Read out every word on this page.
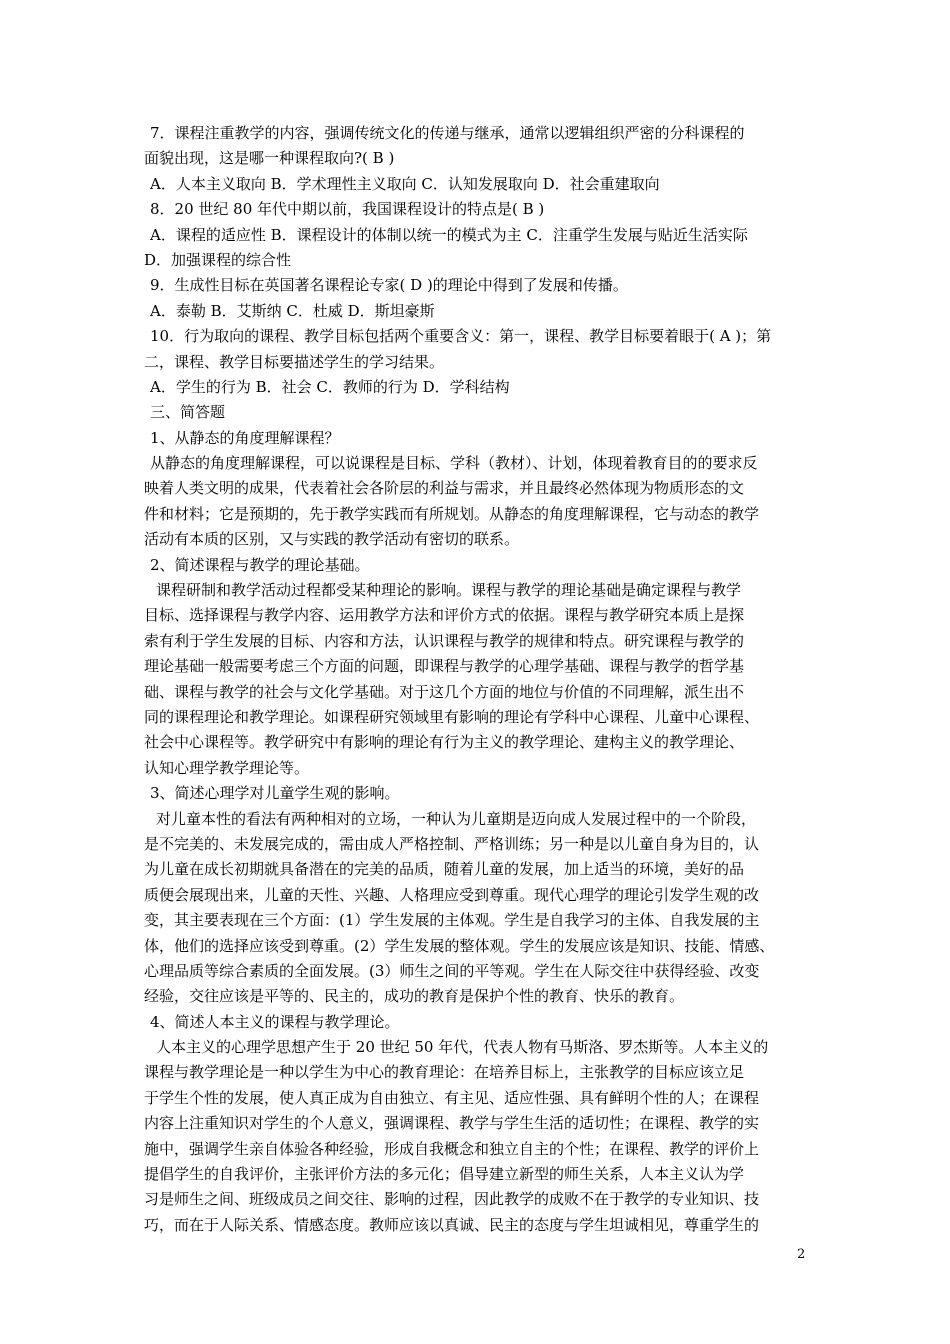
7．课程注重教学的内容，强调传统文化的传递与继承，通常以逻辑组织严密的分科课程的
面貌出现，这是哪一种课程取向?( B )
A．人本主义取向 B．学术理性主义取向 C．认知发展取向 D．社会重建取向
8．20 世纪 80 年代中期以前，我国课程设计的特点是( B )
A．课程的适应性 B．课程设计的体制以统一的模式为主 C．注重学生发展与贴近生活实际
D．加强课程的综合性
9．生成性目标在英国著名课程论专家( D )的理论中得到了发展和传播。
A．泰勒 B．艾斯纳 C．杜威 D．斯坦豪斯
10．行为取向的课程、教学目标包括两个重要含义：第一，课程、教学目标要着眼于( A )；第
二，课程、教学目标要描述学生的学习结果。
A．学生的行为 B．社会 C．教师的行为 D．学科结构
三、简答题
1、从静态的角度理解课程？
从静态的角度理解课程，可以说课程是目标、学科（教材）、计划，体现着教育目的的要求反
映着人类文明的成果，代表着社会各阶层的利益与需求，并且最终必然体现为物质形态的文
件和材料；它是预期的，先于教学实践而有所规划。从静态的角度理解课程，它与动态的教学
活动有本质的区别，又与实践的教学活动有密切的联系。
2、简述课程与教学的理论基础。
课程研制和教学活动过程都受某种理论的影响。课程与教学的理论基础是确定课程与教学
目标、选择课程与教学内容、运用教学方法和评价方式的依据。课程与教学研究本质上是探
索有利于学生发展的目标、内容和方法，认识课程与教学的规律和特点。研究课程与教学的
理论基础一般需要考虑三个方面的问题，即课程与教学的心理学基础、课程与教学的哲学基
础、课程与教学的社会与文化学基础。对于这几个方面的地位与价值的不同理解，派生出不
同的课程理论和教学理论。如课程研究领域里有影响的理论有学科中心课程、儿童中心课程、
社会中心课程等。教学研究中有影响的理论有行为主义的教学理论、建构主义的教学理论、
认知心理学教学理论等。
3、简述心理学对儿童学生观的影响。
对儿童本性的看法有两种相对的立场，一种认为儿童期是迈向成人发展过程中的一个阶段，
是不完美的、未发展完成的，需由成人严格控制、严格训练；另一种是以儿童自身为目的，认
为儿童在成长初期就具备潜在的完美的品质，随着儿童的发展，加上适当的环境，美好的品
质便会展现出来，儿童的天性、兴趣、人格理应受到尊重。现代心理学的理论引发学生观的改
变，其主要表现在三个方面：(1）学生发展的主体观。学生是自我学习的主体、自我发展的主
体，他们的选择应该受到尊重。(2）学生发展的整体观。学生的发展应该是知识、技能、情感、
心理品质等综合素质的全面发展。(3）师生之间的平等观。学生在人际交往中获得经验、改变
经验，交往应该是平等的、民主的，成功的教育是保护个性的教育、快乐的教育。
4、简述人本主义的课程与教学理论。
人本主义的心理学思想产生于 20 世纪 50 年代，代表人物有马斯洛、罗杰斯等。人本主义的
课程与教学理论是一种以学生为中心的教育理论：在培养目标上，主张教学的目标应该立足
于学生个性的发展，使人真正成为自由独立、有主见、适应性强、具有鲜明个性的人；在课程
内容上注重知识对学生的个人意义，强调课程、教学与学生生活的适切性；在课程、教学的实
施中，强调学生亲自体验各种经验，形成自我概念和独立自主的个性；在课程、教学的评价上
提倡学生的自我评价，主张评价方法的多元化；倡导建立新型的师生关系，人本主义认为学
习是师生之间、班级成员之间交往、影响的过程，因此教学的成败不在于教学的专业知识、技
巧，而在于人际关系、情感态度。教师应该以真诚、民主的态度与学生坦诚相见，尊重学生的
2
